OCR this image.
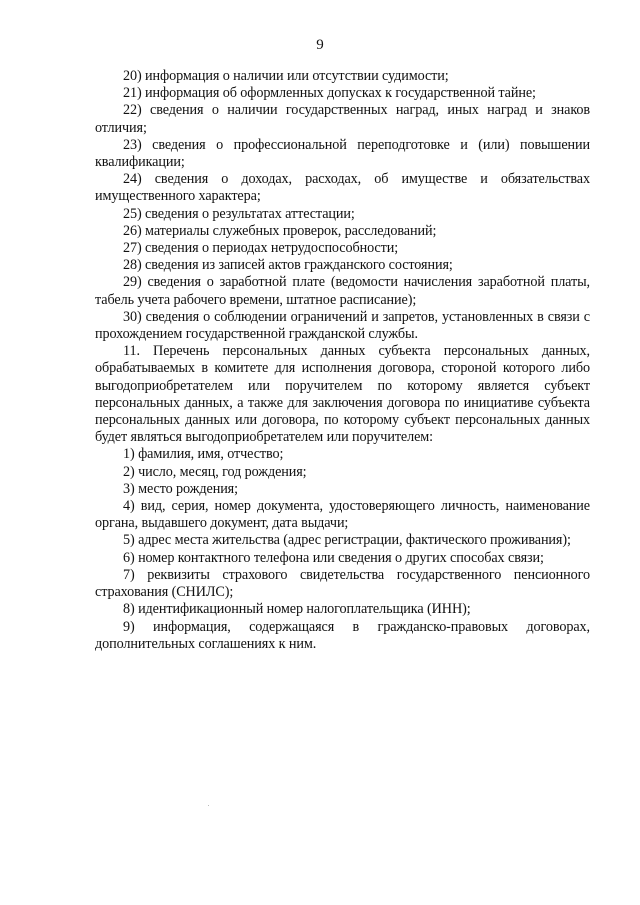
9

20) информация о наличии или отсутствии судимости;

21) информация об оформленных допусках к государственной тайне;

22) сведения о наличии государственных наград, иных наград и знаков отличия;

23) сведения о профессиональной переподготовке и (или) повышении квалификации;

24) сведения о доходах, расходах, об имуществе и обязательствах имущественного характера;

25) сведения о результатах аттестации;

26) материалы служебных проверок, расследований;

27) сведения о периодах нетрудоспособности;

28) сведения из записей актов гражданского состояния;

29) сведения о заработной плате (ведомости начисления заработной платы, табель учета рабочего времени, штатное расписание);

30) сведения о соблюдении ограничений и запретов, установленных в связи с прохождением государственной гражданской службы.

11. Перечень персональных данных субъекта персональных данных, обрабатываемых в комитете для исполнения договора, стороной которого либо выгодоприобретателем или поручителем по которому является субъект персональных данных, а также для заключения договора по инициативе субъекта персональных данных или договора, по которому субъект персональных данных будет являться выгодоприобретателем или поручителем:

1) фамилия, имя, отчество;

2) число, месяц, год рождения;

3) место рождения;

4) вид, серия, номер документа, удостоверяющего личность, наименование органа, выдавшего документ, дата выдачи;

5) адрес места жительства (адрес регистрации, фактического проживания);

6) номер контактного телефона или сведения о других способах связи;

7) реквизиты страхового свидетельства государственного пенсионного страхования (СНИЛС);

8) идентификационный номер налогоплательщика (ИНН);

9) информация, содержащаяся в гражданско-правовых договорах, дополнительных соглашениях к ним.
